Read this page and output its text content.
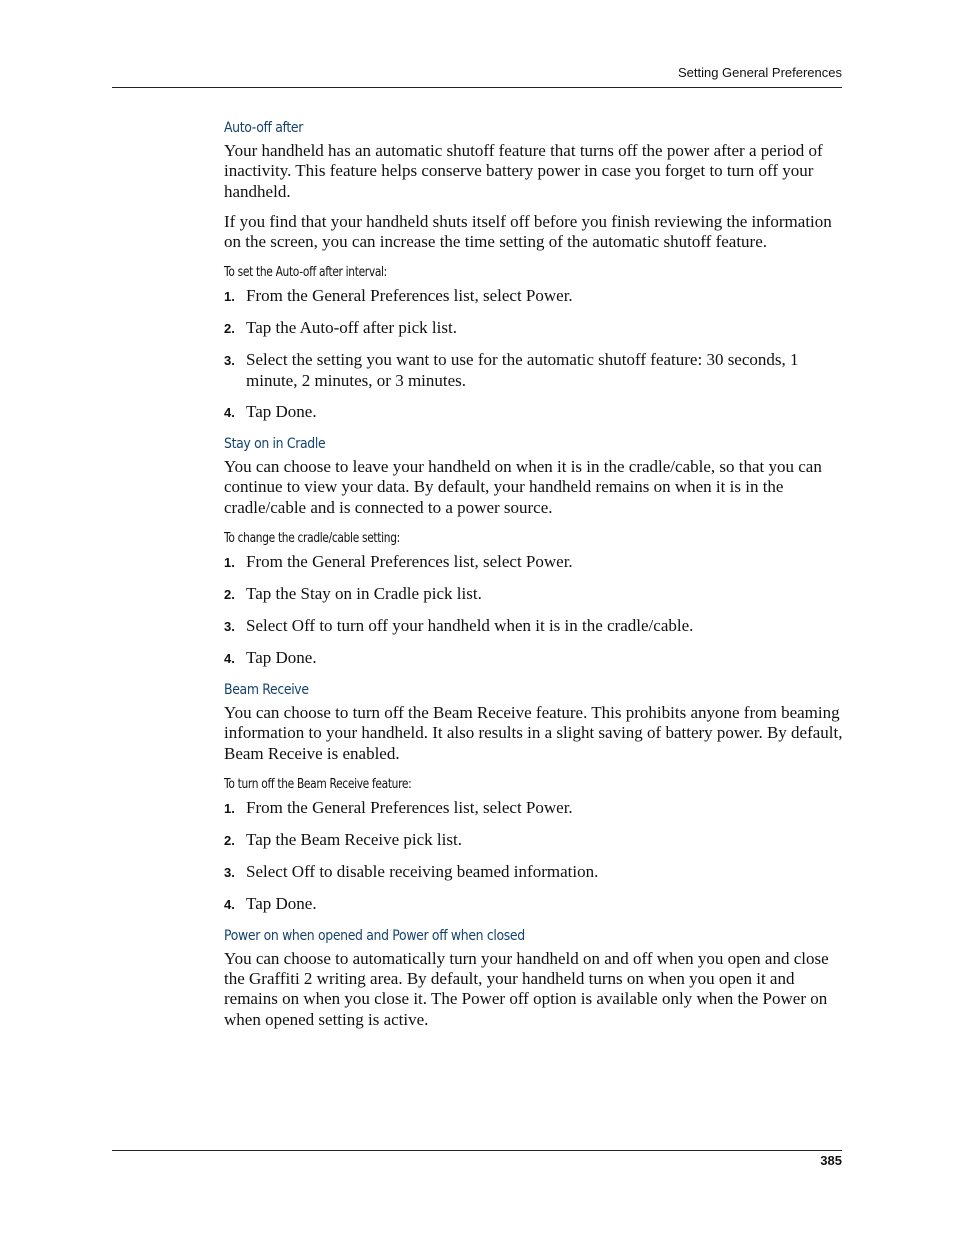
Setting General Preferences
Auto-off after

Your handheld has an automatic shutoff feature that turns off the power after a period of inactivity. This feature helps conserve battery power in case you forget to turn off your handheld.

If you find that your handheld shuts itself off before you finish reviewing the information on the screen, you can increase the time setting of the automatic shutoff feature.

To set the Auto-off after interval:
1. From the General Preferences list, select Power.
2. Tap the Auto-off after pick list.
3. Select the setting you want to use for the automatic shutoff feature: 30 seconds, 1 minute, 2 minutes, or 3 minutes.
4. Tap Done.
Stay on in Cradle

You can choose to leave your handheld on when it is in the cradle/cable, so that you can continue to view your data. By default, your handheld remains on when it is in the cradle/cable and is connected to a power source.

To change the cradle/cable setting:
1. From the General Preferences list, select Power.
2. Tap the Stay on in Cradle pick list.
3. Select Off to turn off your handheld when it is in the cradle/cable.
4. Tap Done.
Beam Receive

You can choose to turn off the Beam Receive feature. This prohibits anyone from beaming information to your handheld. It also results in a slight saving of battery power. By default, Beam Receive is enabled.

To turn off the Beam Receive feature:
1. From the General Preferences list, select Power.
2. Tap the Beam Receive pick list.
3. Select Off to disable receiving beamed information.
4. Tap Done.
Power on when opened and Power off when closed

You can choose to automatically turn your handheld on and off when you open and close the Graffiti 2 writing area. By default, your handheld turns on when you open it and remains on when you close it. The Power off option is available only when the Power on when opened setting is active.

385
